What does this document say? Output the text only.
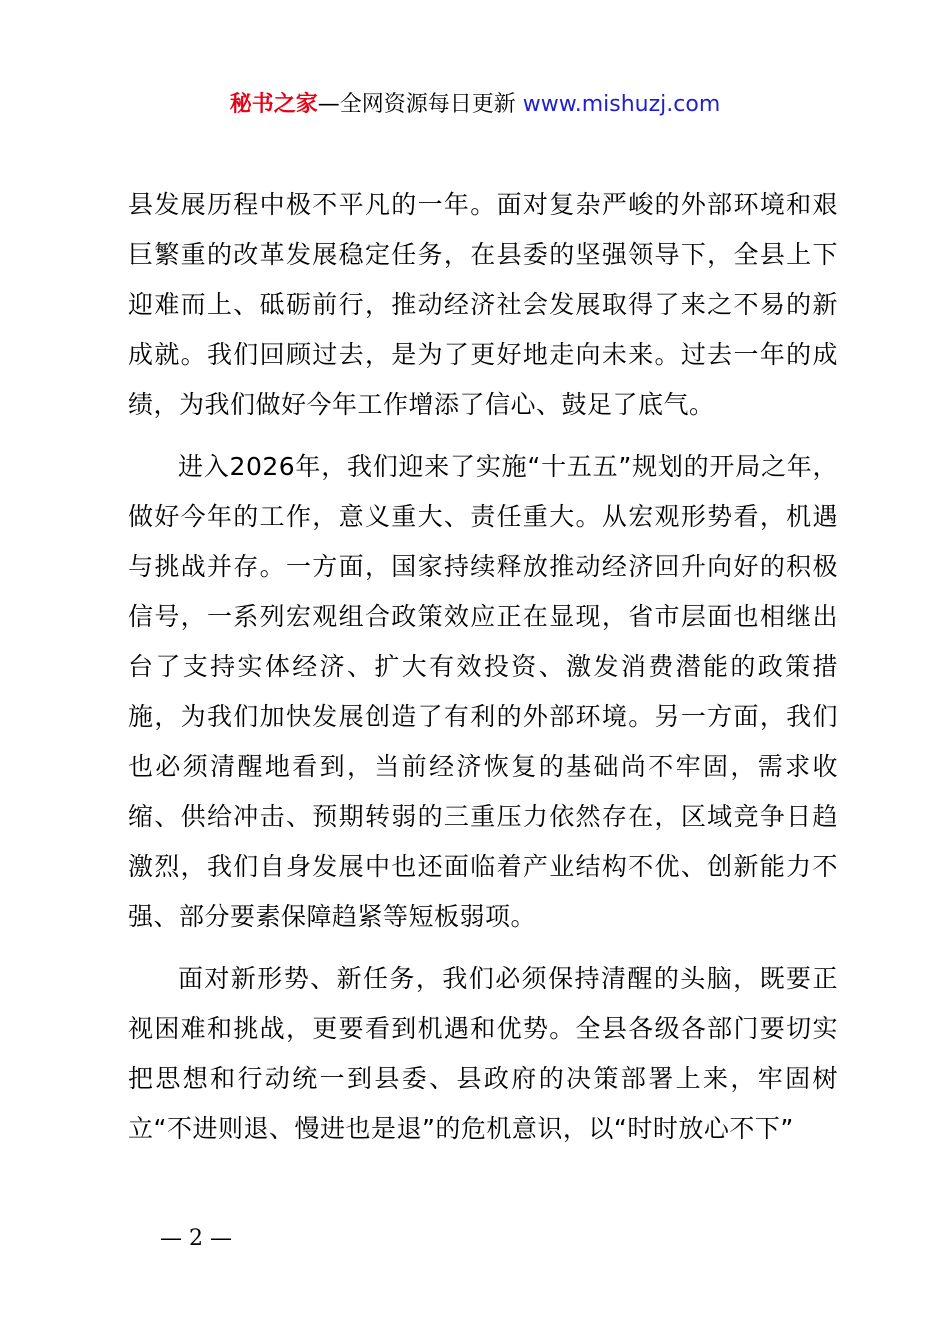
秘书之家—全网资源每日更新 www.mishuzj.com

县发展历程中极不平凡的一年。面对复杂严峻的外部环境和艰巨繁重的改革发展稳定任务，在县委的坚强领导下，全县上下迎难而上、砥砺前行，推动经济社会发展取得了来之不易的新成就。我们回顾过去，是为了更好地走向未来。过去一年的成绩，为我们做好今年工作增添了信心、鼓足了底气。

进入2026年，我们迎来了实施“十五五”规划的开局之年，做好今年的工作，意义重大、责任重大。从宏观形势看，机遇与挑战并存。一方面，国家持续释放推动经济回升向好的积极信号，一系列宏观组合政策效应正在显现，省市层面也相继出台了支持实体经济、扩大有效投资、激发消费潜能的政策措施，为我们加快发展创造了有利的外部环境。另一方面，我们也必须清醒地看到，当前经济恢复的基础尚不牢固，需求收缩、供给冲击、预期转弱的三重压力依然存在，区域竞争日趋激烈，我们自身发展中也还面临着产业结构不优、创新能力不强、部分要素保障趋紧等短板弱项。

面对新形势、新任务，我们必须保持清醒的头脑，既要正视困难和挑战，更要看到机遇和优势。全县各级各部门要切实把思想和行动统一到县委、县政府的决策部署上来，牢固树立“不进则退、慢进也是退”的危机意识，以“时时放心不下”

— 2 —
